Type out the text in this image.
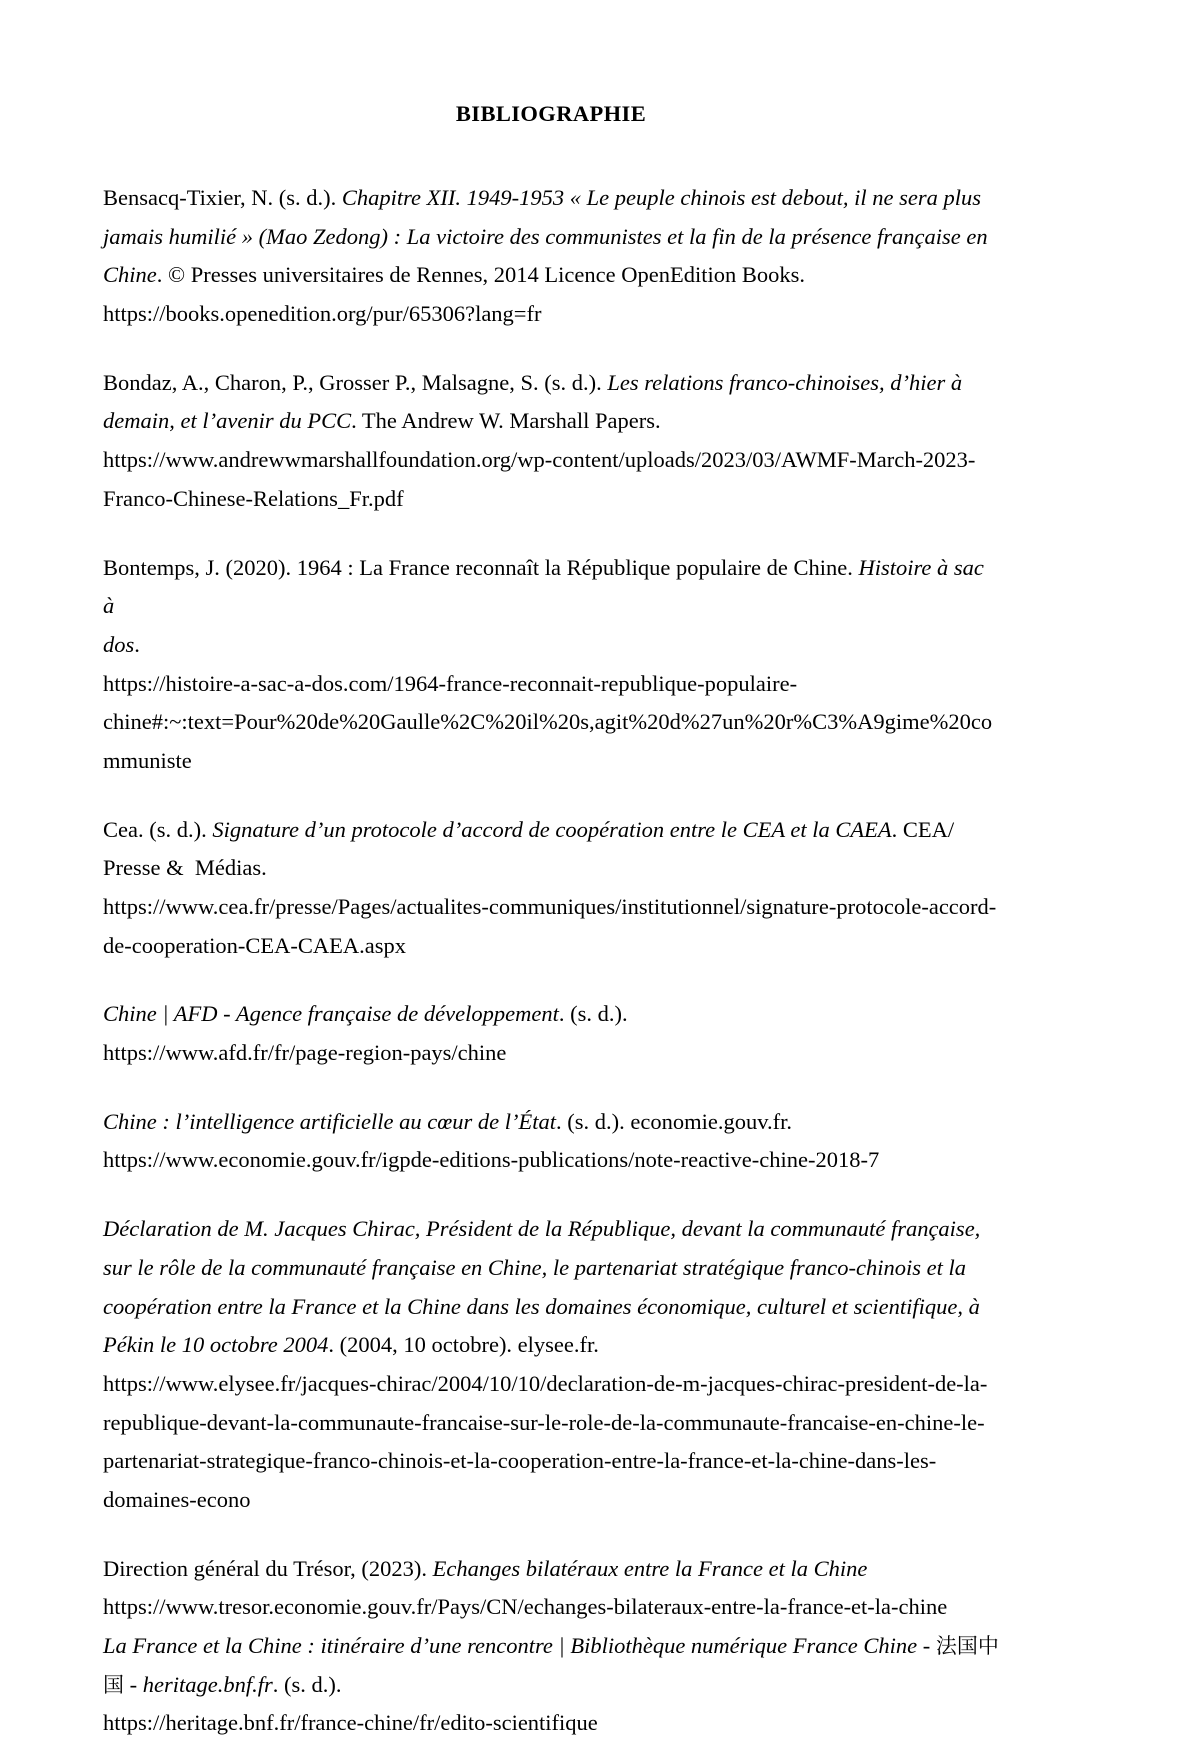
BIBLIOGRAPHIE

Bensacq-Tixier, N. (s. d.). Chapitre XII. 1949-1953 « Le peuple chinois est debout, il ne sera plus
jamais humilié » (Mao Zedong) : La victoire des communistes et la fin de la présence française en
Chine. © Presses universitaires de Rennes, 2014 Licence OpenEdition Books.
https://books.openedition.org/pur/65306?lang=fr

Bondaz, A., Charon, P., Grosser P., Malsagne, S. (s. d.). Les relations franco-chinoises, d’hier à
demain, et l’avenir du PCC. The Andrew W. Marshall Papers.
https://www.andrewwmarshallfoundation.org/wp-content/uploads/2023/03/AWMF-March-2023-
Franco-Chinese-Relations_Fr.pdf

Bontemps, J. (2020). 1964 : La France reconnaît la République populaire de Chine. Histoire à sac à
dos.
https://histoire-a-sac-a-dos.com/1964-france-reconnait-republique-populaire-
chine#:~:text=Pour%20de%20Gaulle%2C%20il%20s,agit%20d%27un%20r%C3%A9gime%20co
mmuniste

Cea. (s. d.). Signature d’un protocole d’accord de coopération entre le CEA et la CAEA. CEA/
Presse &  Médias.
https://www.cea.fr/presse/Pages/actualites-communiques/institutionnel/signature-protocole-accord-
de-cooperation-CEA-CAEA.aspx

Chine | AFD - Agence française de développement. (s. d.).
https://www.afd.fr/fr/page-region-pays/chine

Chine : l’intelligence artificielle au cœur de l’État. (s. d.). economie.gouv.fr.
https://www.economie.gouv.fr/igpde-editions-publications/note-reactive-chine-2018-7

Déclaration de M. Jacques Chirac, Président de la République, devant la communauté française,
sur le rôle de la communauté française en Chine, le partenariat stratégique franco-chinois et la
coopération entre la France et la Chine dans les domaines économique, culturel et scientifique, à
Pékin le 10 octobre 2004. (2004, 10 octobre). elysee.fr.
https://www.elysee.fr/jacques-chirac/2004/10/10/declaration-de-m-jacques-chirac-president-de-la-
republique-devant-la-communaute-francaise-sur-le-role-de-la-communaute-francaise-en-chine-le-
partenariat-strategique-franco-chinois-et-la-cooperation-entre-la-france-et-la-chine-dans-les-
domaines-econo

Direction général du Trésor, (2023). Echanges bilatéraux entre la France et la Chine
https://www.tresor.economie.gouv.fr/Pays/CN/echanges-bilateraux-entre-la-france-et-la-chine
La France et la Chine : itinéraire d’une rencontre | Bibliothèque numérique France Chine - 法国中
国 - heritage.bnf.fr. (s. d.).
https://heritage.bnf.fr/france-chine/fr/edito-scientifique
